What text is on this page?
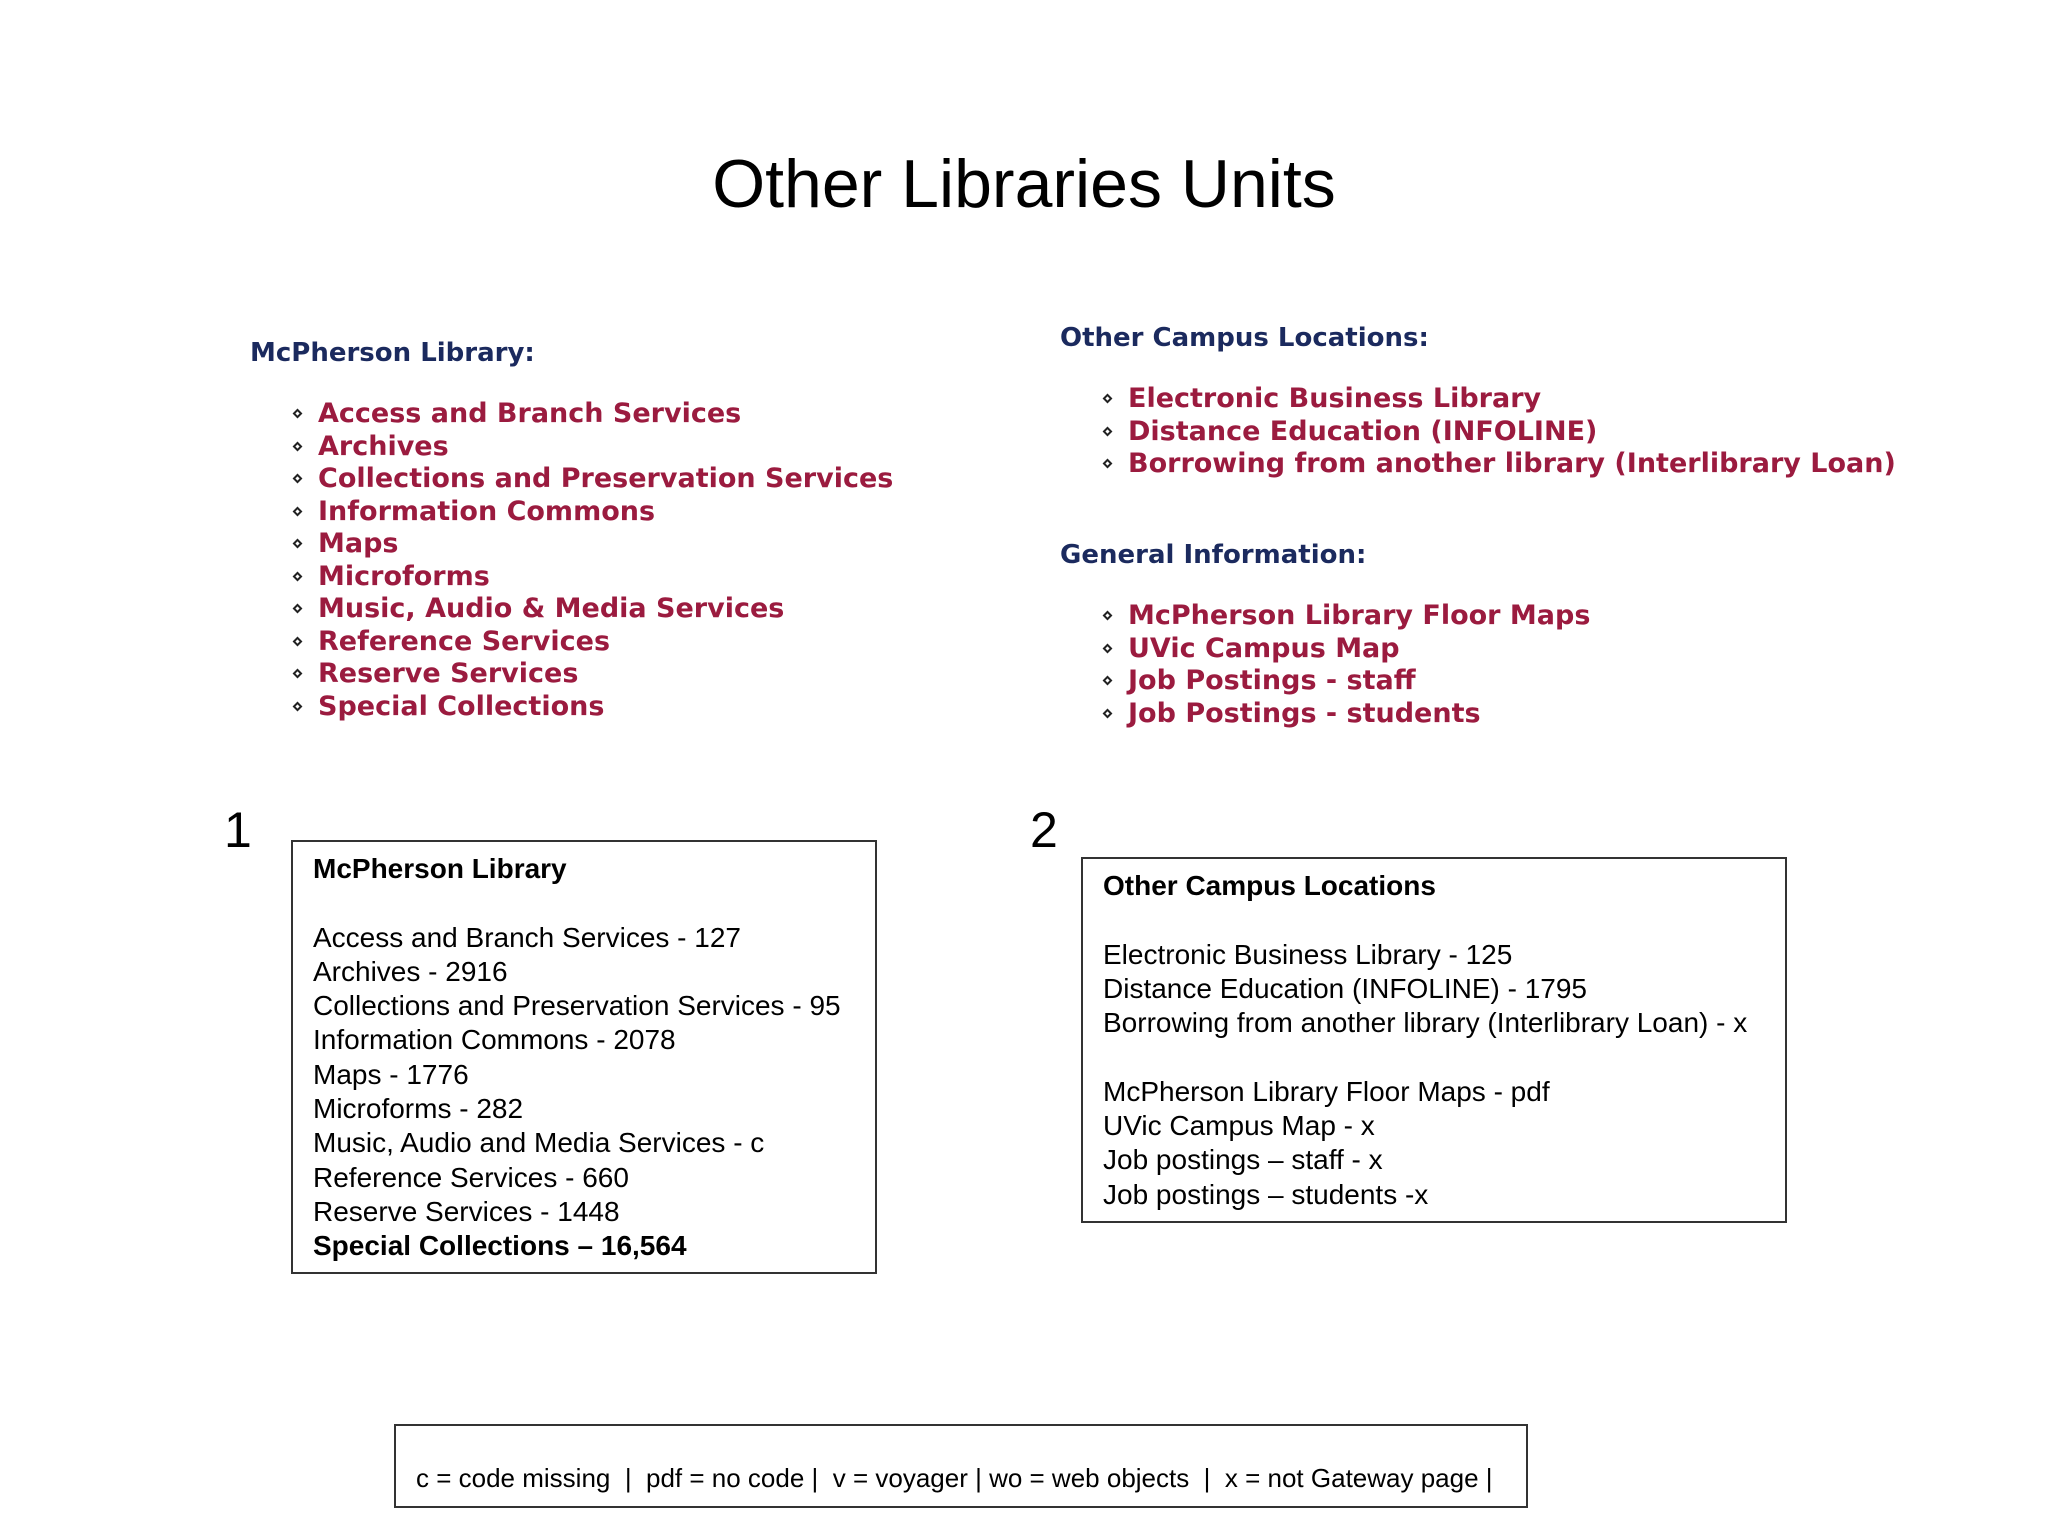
Other Libraries Units
McPherson Library:
Access and Branch Services
Archives
Collections and Preservation Services
Information Commons
Maps
Microforms
Music, Audio & Media Services
Reference Services
Reserve Services
Special Collections
Other Campus Locations:
Electronic Business Library
Distance Education (INFOLINE)
Borrowing from another library (Interlibrary Loan)
General Information:
McPherson Library Floor Maps
UVic Campus Map
Job Postings - staff
Job Postings - students
1	2
McPherson Library
Access and Branch Services - 127
Archives - 2916
Collections and Preservation Services - 95
Information Commons - 2078
Maps - 1776
Microforms - 282
Music, Audio and Media Services - c
Reference Services - 660
Reserve Services - 1448
Special Collections – 16,564
Other Campus Locations
Electronic Business Library - 125
Distance Education (INFOLINE) - 1795
Borrowing from another library (Interlibrary Loan) - x
McPherson Library Floor Maps - pdf
UVic Campus Map - x
Job postings – staff - x
Job postings – students -x
c = code missing  |  pdf = no code |  v = voyager | wo = web objects  |  x = not Gateway page |
